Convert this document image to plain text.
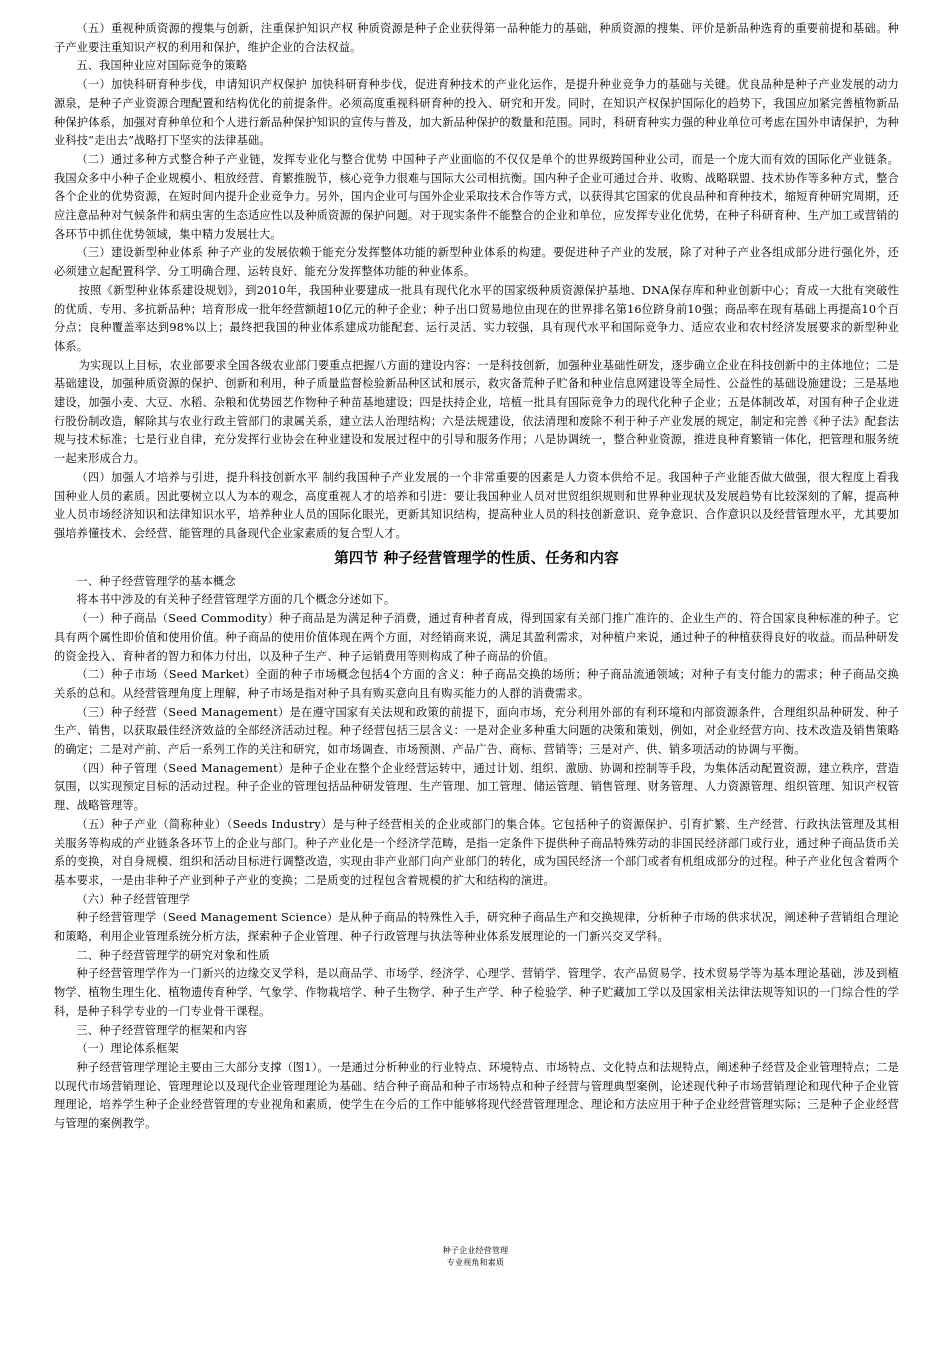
（五）重视种质资源的搜集与创新，注重保护知识产权 种质资源是种子企业获得第一品种能力的基础，种质资源的搜集、评价是新品种选育的重要前提和基础。种子产业要注重知识产权的利用和保护，维护企业的合法权益。

五、我国种业应对国际竞争的策略

（一）加快科研育种步伐，申请知识产权保护 加快科研育种步伐，促进育种技术的产业化运作，是提升种业竞争力的基础与关键。优良品种是种子产业发展的动力源泉，是种子产业资源合理配置和结构优化的前提条件。必须高度重视科研育种的投入、研究和开发。同时，在知识产权保护国际化的趋势下，我国应加紧完善植物新品种保护体系，加强对育种单位和个人进行新品种保护知识的宣传与普及，加大新品种保护的数量和范围。同时，科研育种实力强的种业单位可考虑在国外申请保护，为种业科技“走出去”战略打下坚实的法律基础。

（二）通过多种方式整合种子产业链，发挥专业化与整合优势 中国种子产业面临的不仅仅是单个的世界级跨国种业公司，而是一个庞大而有效的国际化产业链条。我国众多中小种子企业规模小、粗放经营、育繁推脱节，核心竞争力很难与国际大公司相抗衡。国内种子企业可通过合并、收购、战略联盟、技术协作等多种方式，整合各个企业的优势资源，在短时间内提升企业竞争力。另外，国内企业可与国外企业采取技术合作等方式，以获得其它国家的优良品种和育种技术，缩短育种研究周期，还应注意品种对气候条件和病虫害的生态适应性以及种质资源的保护问题。对于现实条件不能整合的企业和单位，应发挥专业化优势，在种子科研育种、生产加工或营销的各环节中抓住优势领域，集中精力发展壮大。

（三）建设新型种业体系 种子产业的发展依赖于能充分发挥整体功能的新型种业体系的构建。要促进种子产业的发展，除了对种子产业各组成部分进行强化外，还必须建立起配置科学、分工明确合理、运转良好、能充分发挥整体功能的种业体系。

按照《新型种业体系建设规划》，到2010年，我国种业要建成一批具有现代化水平的国家级种质资源保护基地、DNA保存库和种业创新中心；育成一大批有突破性的优质、专用、多抗新品种；培育形成一批年经营额超10亿元的种子企业；种子出口贸易地位由现在的世界排名第16位跻身前10强；商品率在现有基础上再提高10个百分点；良种覆盖率达到98%以上；最终把我国的种业体系建成功能配套、运行灵活、实力较强，具有现代水平和国际竞争力、适应农业和农村经济发展要求的新型种业体系。

为实现以上目标，农业部要求全国各级农业部门要重点把握八方面的建设内容：一是科技创新，加强种业基础性研发，逐步确立企业在科技创新中的主体地位；二是基础建设，加强种质资源的保护、创新和利用，种子质量监督检验新品种区试和展示，救灾备荒种子贮备和种业信息网建设等全局性、公益性的基础设施建设；三是基地建设，加强小麦、大豆、水稻、杂粮和优势园艺作物种子种苗基地建设；四是扶持企业，培植一批具有国际竞争力的现代化种子企业；五是体制改革，对国有种子企业进行股份制改造，解除其与农业行政主管部门的隶属关系，建立法人治理结构；六是法规建设，依法清理和废除不利于种子产业发展的规定，制定和完善《种子法》配套法规与技术标准；七是行业自律，充分发挥行业协会在种业建设和发展过程中的引导和服务作用；八是协调统一，整合种业资源，推进良种育繁销一体化，把管理和服务统一起来形成合力。

（四）加强人才培养与引进，提升科技创新水平 制约我国种子产业发展的一个非常重要的因素是人力资本供给不足。我国种子产业能否做大做强，很大程度上看我国种业人员的素质。因此要树立以人为本的观念，高度重视人才的培养和引进：要让我国种业人员对世贸组织规则和世界种业现状及发展趋势有比较深刻的了解，提高种业人员市场经济知识和法律知识水平，培养种业人员的国际化眼光，更新其知识结构，提高种业人员的科技创新意识、竞争意识、合作意识以及经营管理水平，尤其要加强培养懂技术、会经营、能管理的具备现代企业家素质的复合型人才。

第四节 种子经营管理学的性质、任务和内容

一、种子经营管理学的基本概念

将本书中涉及的有关种子经营管理学方面的几个概念分述如下。

（一）种子商品（Seed Commodity）种子商品是为满足种子消费，通过育种者育成，得到国家有关部门推广准许的、企业生产的、符合国家良种标准的种子。它具有两个属性即价值和使用价值。种子商品的使用价值体现在两个方面，对经销商来说，满足其盈利需求，对种植户来说，通过种子的种植获得良好的收益。而品种研发的资金投入、育种者的智力和体力付出，以及种子生产、种子运销费用等则构成了种子商品的价值。

（二）种子市场（Seed Market）全面的种子市场概念包括4个方面的含义：种子商品交换的场所；种子商品流通领域；对种子有支付能力的需求；种子商品交换关系的总和。从经营管理角度上理解，种子市场是指对种子具有购买意向且有购买能力的人群的消费需求。

（三）种子经营（Seed Management）是在遵守国家有关法规和政策的前提下，面向市场，充分利用外部的有利环境和内部资源条件，合理组织品种研发、种子生产、销售，以获取最佳经济效益的全部经济活动过程。种子经营包括三层含义：一是对企业多种重大问题的决策和策划，例如，对企业经营方向、技术改造及销售策略的确定；二是对产前、产后一系列工作的关注和研究，如市场调查、市场预测、产品广告、商标、营销等；三是对产、供、销多项活动的协调与平衡。

（四）种子管理（Seed Management）是种子企业在整个企业经营运转中，通过计划、组织、激励、协调和控制等手段，为集体活动配置资源，建立秩序，营造氛围，以实现预定目标的活动过程。种子企业的管理包括品种研发管理、生产管理、加工管理、储运管理、销售管理、财务管理、人力资源管理、组织管理、知识产权管理、战略管理等。

（五）种子产业（简称种业）（Seeds Industry）是与种子经营相关的企业或部门的集合体。它包括种子的资源保护、引育扩繁、生产经营、行政执法管理及其相关服务等构成的产业链条各环节上的企业与部门。种子产业化是一个经济学范畴，是指一定条件下提供种子商品特殊劳动的非国民经济部门或行业，通过种子商品货币关系的变换，对自身规模、组织和活动目标进行调整改造，实现由非产业部门向产业部门的转化，成为国民经济一个部门或者有机组成部分的过程。种子产业化包含着两个基本要求，一是由非种子产业到种子产业的变换；二是质变的过程包含着规模的扩大和结构的演进。

（六）种子经营管理学

种子经营管理学（Seed Management Science）是从种子商品的特殊性入手，研究种子商品生产和交换规律，分析种子市场的供求状况，阐述种子营销组合理论和策略，利用企业管理系统分析方法，探索种子企业管理、种子行政管理与执法等种业体系发展理论的一门新兴交叉学科。

二、种子经营管理学的研究对象和性质

种子经营管理学作为一门新兴的边缘交叉学科，是以商品学、市场学、经济学、心理学、营销学、管理学、农产品贸易学、技术贸易学等为基本理论基础，涉及到植物学、植物生理生化、植物遗传育种学、气象学、作物栽培学、种子生物学、种子生产学、种子检验学、种子贮藏加工学以及国家相关法律法规等知识的一门综合性的学科，是种子科学专业的一门专业骨干课程。

三、种子经营管理学的框架和内容

（一）理论体系框架

种子经营管理学理论主要由三大部分支撑（图1）。一是通过分析种业的行业特点、环境特点、市场特点、文化特点和法规特点，阐述种子经营及企业管理特点；二是以现代市场营销理论、管理理论以及现代企业管理理论为基础、结合种子商品和种子市场特点和种子经营与管理典型案例，论述现代种子市场营销理论和现代种子企业管理理论，培养学生种子企业经营管理的专业视角和素质，使学生在今后的工作中能够将现代经营管理理念、理论和方法应用于种子企业经营管理实际；三是种子企业经营与管理的案例教学。

种子企业经营管理
专业视角和素质
